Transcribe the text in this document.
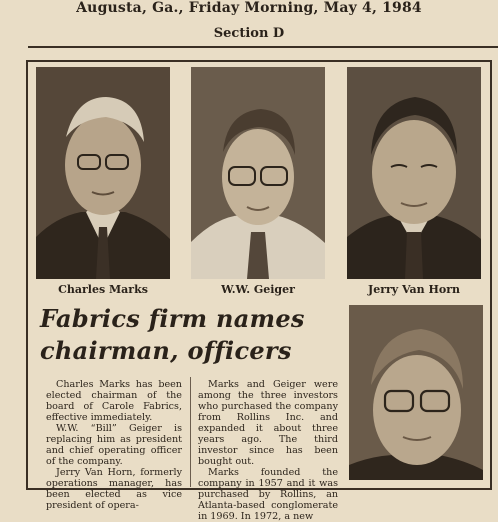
Augusta, Ga., Friday Morning, May 4, 1984
Section D
Charles Marks	W.W. Geiger	Jerry Van Horn
Fabrics firm names
chairman, officers

Charles Marks has been elected chairman of the board of Carole Fabrics, effective immediately.

W.W. “Bill” Geiger is replacing him as president and chief operating officer of the company.

Jerry Van Horn, formerly operations manager, has been elected as vice president of opera-

Marks and Geiger were among the three investors who purchased the company from Rollins Inc. and expanded it about three years ago. The third investor since has been bought out.

Marks founded the company in 1957 and it was purchased by Rollins, an Atlanta-based conglomerate in 1969. In 1972, a new
